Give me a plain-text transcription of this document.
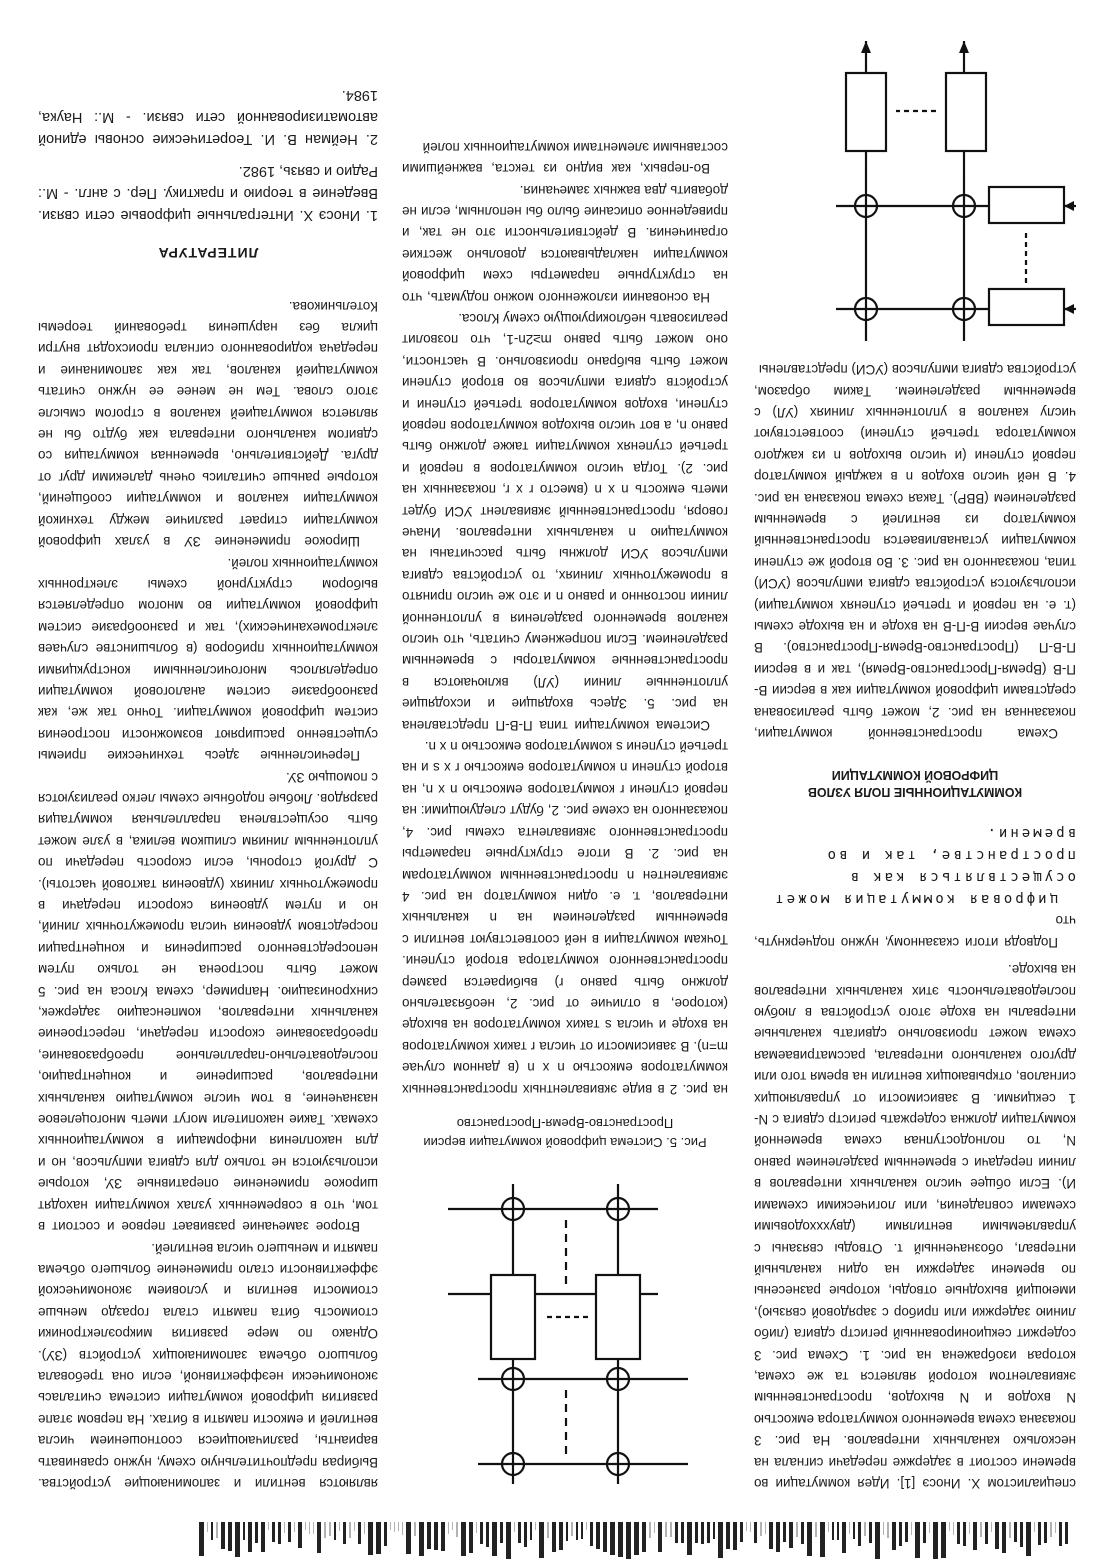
специалистом Х. Иносэ [1]. Идея коммутации во времени состоит в задержке передачи сигнала на несколько канальных интервалов. На рис. 3 показана схема временного коммутатора емкостью N входов и N выходов, пространственным эквивалентом которой является та же схема, которая изображена на рис. 1. Схема рис. 3 содержит секционированный регистр сдвига (либо линию задержки или прибор с зарядовой связью), имеющий выходные отводы, которые разнесены по времени задержки на один канальный интервал, обозначенный τ. Отводы связаны с управляемыми вентилями (двуххходовыми схемами совпадения, или логическими схемами И). Если общее число канальных интервалов в линии передачи с временным разделением равно N, то полнодоступная схема временной коммутации должна содержать регистр сдвига с N-1 секциями. В зависимости от управляющих сигналов, открывающих вентили на время того или другого канального интервала, рассматриваемая схема может произвольно сдвигать канальные интервалы на входе этого устройства в любую последовательность этих канальных интервалов на выходе.

Подводя итоги сказанному, нужно подчеркнуть, что

цифровая коммутация может осуществляться как в пространстве, так и во времени.

КОММУТАЦИОННЫЕ ПОЛЯ УЗЛОВ
ЦИФРОВОЙ КОММУТАЦИИ

Схема пространственной коммутации, показанная на рис. 2, может быть реализована средствами цифровой коммутации как в версии В-П-В (Время-Пространство-Время), так и в версии П-В-П (Пространство-Время-Пространство). В случае версии В-П-В на входе и на выходе схемы (т. е. на первой и третьей ступенях коммутации) используются устройства сдвига импульсов (УСИ) типа, показанного на рис. 3. Во второй же ступени коммутации устанавливается пространственный коммутатор из вентилей с временным разделением (ВВР). Такая схема показана на рис. 4. В ней число входов n в каждый коммутатор первой ступени (и число выходов n из каждого коммутатора третьей ступени) соответствуют числу каналов в уплотненных линиях (УЛ) с временным разделением. Таким образом, устройства сдвига импульсов (УСИ) представлены

Рис. 5. Система цифровой коммутации версии
Пространство-Время-Пространство

на рис. 2 в виде эквивалентных пространственных коммутаторов емкостью n x n (в данном случае m=n). В зависимости от числа r таких коммутаторов на входе и числа s таких коммутаторов на выходе (которое, в отличие от рис. 2, необязательно должно быть равно r) выбирается размер пространственного коммутатора второй ступени. Точкам коммутации в ней соответствуют вентили с временным разделением на n канальных интервалов, т. е. один коммутатор на рис. 4 эквивалентен n пространственным коммутаторам на рис. 2. В итоге структурные параметры пространственного эквивалента схемы рис. 4, показанного на схеме рис. 2, будут следующими: на первой ступени r коммутаторов емкостью n x n, на второй ступени n коммутаторов емкостью r x s и на третьей ступени s коммутаторов емкостью n x n.

Система коммутации типа П-В-П представлена на рис. 5. Здесь входящие и исходящие уплотненные линии (УЛ) включаются в пространственные коммутаторы с временным разделением. Если попрежнему считать, что число каналов временного разделения в уплотненной линии постоянно и равно n и это же число принято в промежуточных линиях, то устройства сдвига импульсов УСИ должны быть рассчитаны на коммутацию n канальных интервалов. Иначе говоря, пространственный эквивалент УСИ будет иметь емкость n x n (вместо r x r, показанных на рис. 2). Тогда число коммутаторов в первой и третьей ступенях коммутации также должно быть равно n, а вот число выходов коммутаторов первой ступени, входов коммутаторов третьей ступени и устройств сдвига импульсов во второй ступени может быть выбрано произвольно. В частности, оно может быть равно m≥2n-1, что позволит реализовать неблокирующую схему Клоса.

На основании изложенного можно подумать, что на структурные параметры схем цифровой коммутации накладываются довольно жесткие ограничения. В действительности это не так, и приведенное описание было бы неполным, если не добавить два важных замечания.

Во-первых, как видно из текста, важнейшими составными элементами коммутационных полей

являются вентили и запоминающие устройства. Выбирая предпочтительную схему, нужно сравнивать варианты, различающиеся соотношением числа вентилей и емкости памяти в битах. На первом этапе развития цифровой коммутации система считалась экономически неэффективной, если она требовала большого объема запоминающих устройств (ЗУ). Однако по мере развития микроэлектроники стоимость бита памяти стала гораздо меньше стоимости вентиля и условием экономической эффективности стало применение большего объема памяти и меньшего числа вентилей.

Второе замечание развивает первое и состоит в том, что в современных узлах коммутации находят широкое применение оперативные ЗУ, которые используются не только для сдвига импульсов, но и для накопления информации в коммутационных схемах. Такие накопители могут иметь многоцелевое назначение, в том числе коммутацию канальных интервалов, расширение и концентрацию, последовательно-параллельное преобразование, преобразование скорости передачи, перестроение канальных интервалов, компенсацию задержек, синхронизацию. Например, схема Клоса на рис. 5 может быть построена не только путем непосредственного расширения и концентрации посредством удвоения числа промежуточных линий, но и путем удвоения скорости передачи в промежуточных линиях (удвоения тактовой частоты). С другой стороны, если скорость передачи по уплотненным линиям слишком велика, в узле может быть осуществлена параллельная коммутация разрядов. Любые подобные схемы легко реализуются с помощью ЗУ.

Перечисленные здесь технические приемы существенно расширяют возможности построения систем цифровой коммутации. Точно так же, как разнообразие систем аналоговой коммутации определялось многочисленными конструкциями коммутационных приборов (в большинстве случаев электромеханических), так и разнообразие систем цифровой коммутации во многом определяется выбором структурной схемы электронных коммутационных полей.

Широкое применение ЗУ в узлах цифровой коммутации стирает различие между техникой коммутации каналов и коммутации сообщений, которые раньше считались очень далекими друг от друга. Действительно, временная коммутация со сдвигом канального интервала как будто бы не является коммутацией каналов в строгом смысле этого слова. Тем не менее ее нужно считать коммутацией каналов, так как запоминание и передача кодированного сигнала происходят внутри цикла без нарушения требований теоремы Котельникова.

ЛИТЕРАТУРА

1. Иносэ Х. Интегральные цифровые сети связи. Введение в теорию и практику. Пер. с англ. - М.: Радио и связь, 1982.

2. Нейман В. И. Теоретические основы единой автоматизированной сети связи. - М.: Наука, 1984.
